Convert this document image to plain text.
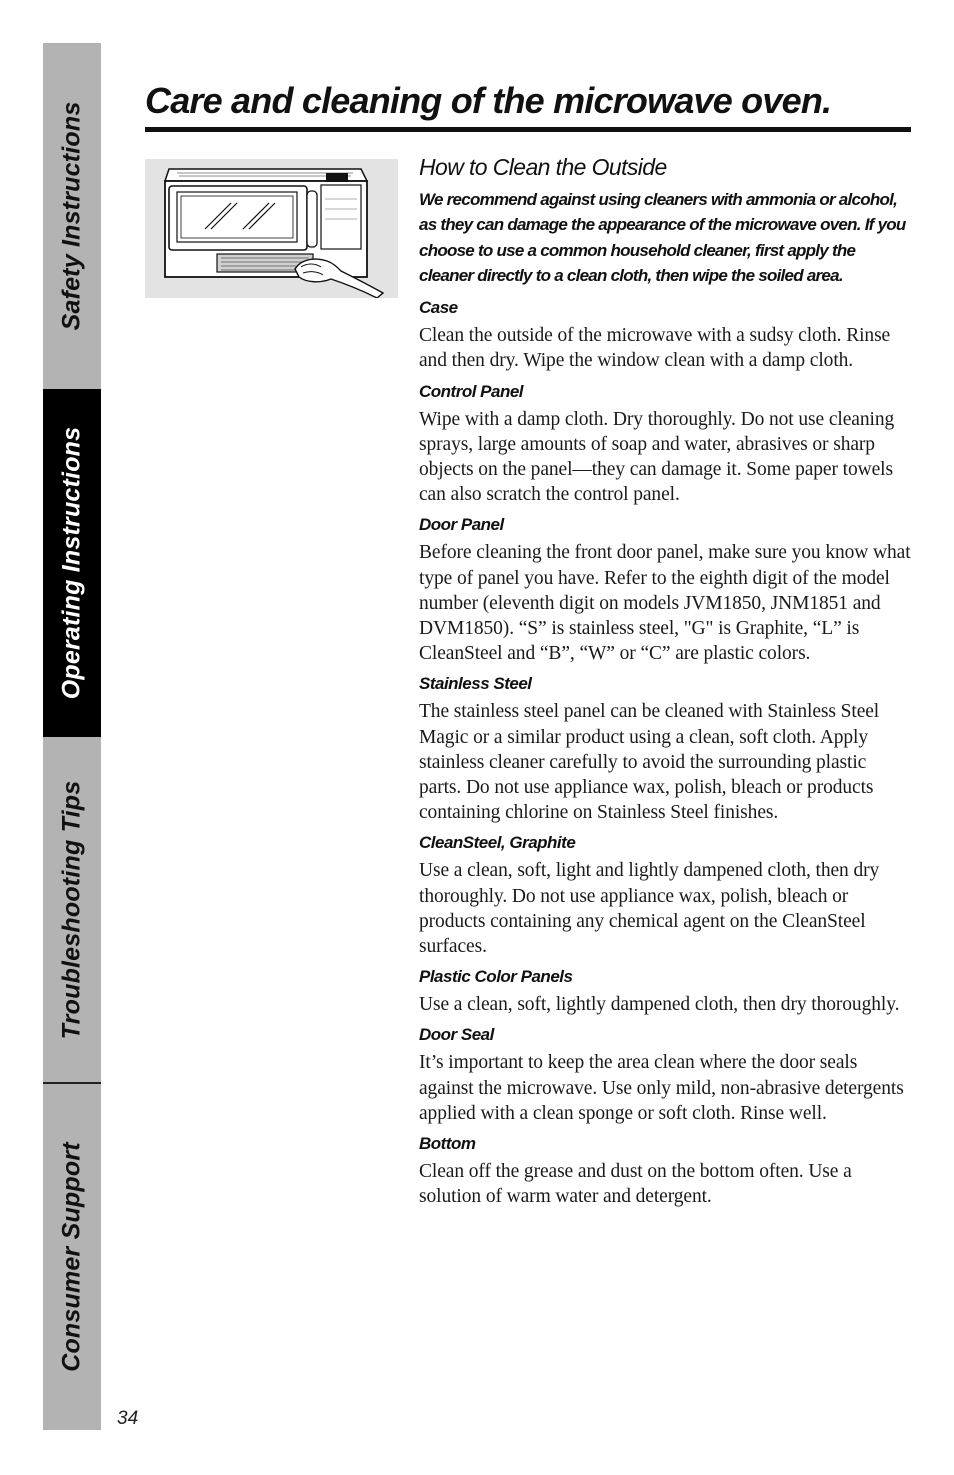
Safety Instructions
Operating Instructions
Troubleshooting Tips
Consumer Support
Care and cleaning of the microwave oven.
How to Clean the Outside

We recommend against using cleaners with ammonia or alcohol, as they can damage the appearance of the microwave oven. If you choose to use a common household cleaner, first apply the cleaner directly to a clean cloth, then wipe the soiled area.

Case

Clean the outside of the microwave with a sudsy cloth. Rinse and then dry. Wipe the window clean with a damp cloth.

Control Panel

Wipe with a damp cloth. Dry thoroughly. Do not use cleaning sprays, large amounts of soap and water, abrasives or sharp objects on the panel—they can damage it. Some paper towels can also scratch the control panel.

Door Panel

Before cleaning the front door panel, make sure you know what type of panel you have. Refer to the eighth digit of the model number (eleventh digit on models JVM1850, JNM1851 and DVM1850). “S” is stainless steel, "G" is Graphite, “L” is CleanSteel and “B”, “W” or “C” are plastic colors.

Stainless Steel

The stainless steel panel can be cleaned with Stainless Steel Magic or a similar product using a clean, soft cloth. Apply stainless cleaner carefully to avoid the surrounding plastic parts. Do not use appliance wax, polish, bleach or products containing chlorine on Stainless Steel finishes.

CleanSteel, Graphite

Use a clean, soft, light and lightly dampened cloth, then dry thoroughly. Do not use appliance wax, polish, bleach or products containing any chemical agent on the CleanSteel surfaces.

Plastic Color Panels

Use a clean, soft, lightly dampened cloth, then dry thoroughly.

Door Seal

It’s important to keep the area clean where the door seals against the microwave. Use only mild, non-abrasive detergents applied with a clean sponge or soft cloth. Rinse well.

Bottom

Clean off the grease and dust on the bottom often. Use a solution of warm water and detergent.

34
